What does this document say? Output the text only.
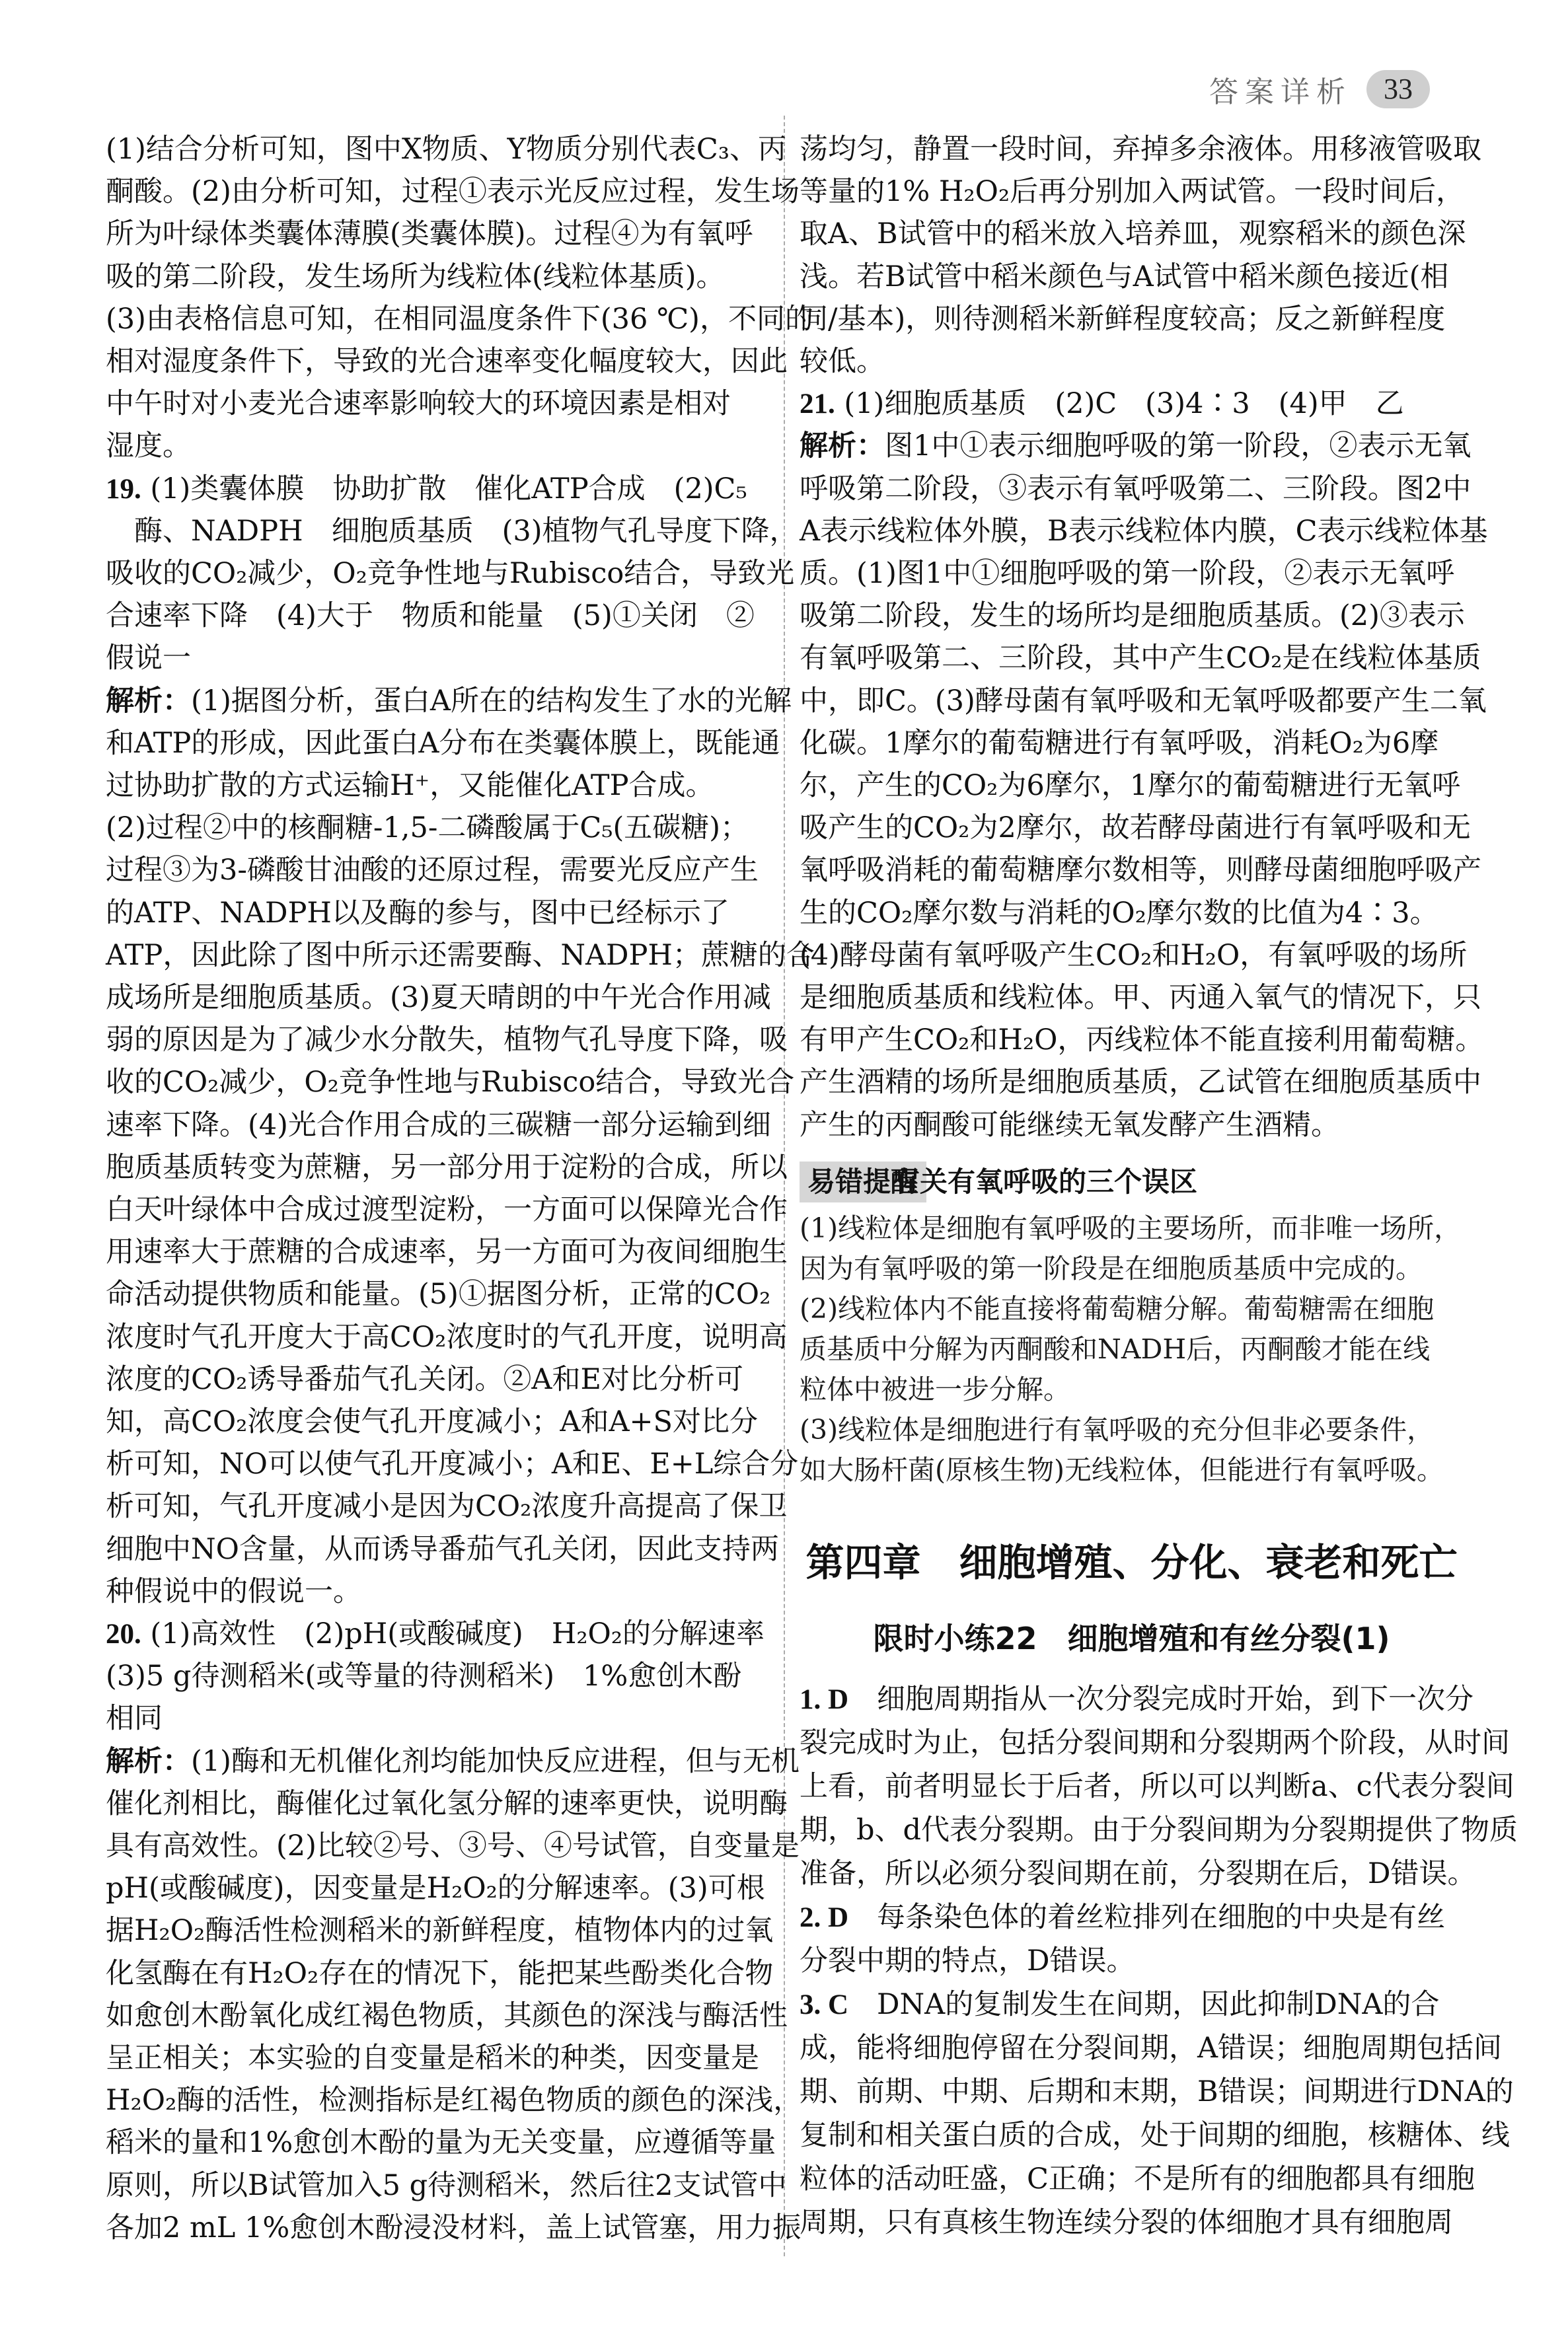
答案详析	33
(1)结合分析可知，图中X物质、Y物质分别代表C₃、丙
酮酸。(2)由分析可知，过程①表示光反应过程，发生场
所为叶绿体类囊体薄膜(类囊体膜)。过程④为有氧呼
吸的第二阶段，发生场所为线粒体(线粒体基质)。
(3)由表格信息可知，在相同温度条件下(36 ℃)，不同的
相对湿度条件下，导致的光合速率变化幅度较大，因此
中午时对小麦光合速率影响较大的环境因素是相对
湿度。
19. (1)类囊体膜　协助扩散　催化ATP合成　(2)C₅
　酶、NADPH　细胞质基质　(3)植物气孔导度下降，
吸收的CO₂减少，O₂竞争性地与Rubisco结合，导致光
合速率下降　(4)大于　物质和能量　(5)①关闭　②
假说一
解析：(1)据图分析，蛋白A所在的结构发生了水的光解
和ATP的形成，因此蛋白A分布在类囊体膜上，既能通
过协助扩散的方式运输H⁺，又能催化ATP合成。
(2)过程②中的核酮糖-1,5-二磷酸属于C₅(五碳糖)；
过程③为3-磷酸甘油酸的还原过程，需要光反应产生
的ATP、NADPH以及酶的参与，图中已经标示了
ATP，因此除了图中所示还需要酶、NADPH；蔗糖的合
成场所是细胞质基质。(3)夏天晴朗的中午光合作用减
弱的原因是为了减少水分散失，植物气孔导度下降，吸
收的CO₂减少，O₂竞争性地与Rubisco结合，导致光合
速率下降。(4)光合作用合成的三碳糖一部分运输到细
胞质基质转变为蔗糖，另一部分用于淀粉的合成，所以
白天叶绿体中合成过渡型淀粉，一方面可以保障光合作
用速率大于蔗糖的合成速率，另一方面可为夜间细胞生
命活动提供物质和能量。(5)①据图分析，正常的CO₂
浓度时气孔开度大于高CO₂浓度时的气孔开度，说明高
浓度的CO₂诱导番茄气孔关闭。②A和E对比分析可
知，高CO₂浓度会使气孔开度减小；A和A+S对比分
析可知，NO可以使气孔开度减小；A和E、E+L综合分
析可知，气孔开度减小是因为CO₂浓度升高提高了保卫
细胞中NO含量，从而诱导番茄气孔关闭，因此支持两
种假说中的假说一。
20. (1)高效性　(2)pH(或酸碱度)　H₂O₂的分解速率
(3)5 g待测稻米(或等量的待测稻米)　1%愈创木酚
相同
解析：(1)酶和无机催化剂均能加快反应进程，但与无机
催化剂相比，酶催化过氧化氢分解的速率更快，说明酶
具有高效性。(2)比较②号、③号、④号试管，自变量是
pH(或酸碱度)，因变量是H₂O₂的分解速率。(3)可根
据H₂O₂酶活性检测稻米的新鲜程度，植物体内的过氧
化氢酶在有H₂O₂存在的情况下，能把某些酚类化合物
如愈创木酚氧化成红褐色物质，其颜色的深浅与酶活性
呈正相关；本实验的自变量是稻米的种类，因变量是
H₂O₂酶的活性，检测指标是红褐色物质的颜色的深浅，
稻米的量和1%愈创木酚的量为无关变量，应遵循等量
原则，所以B试管加入5 g待测稻米，然后往2支试管中
各加2 mL 1%愈创木酚浸没材料，盖上试管塞，用力振
荡均匀，静置一段时间，弃掉多余液体。用移液管吸取
等量的1% H₂O₂后再分别加入两试管。一段时间后，
取A、B试管中的稻米放入培养皿，观察稻米的颜色深
浅。若B试管中稻米颜色与A试管中稻米颜色接近(相
同/基本)，则待测稻米新鲜程度较高；反之新鲜程度
较低。
21. (1)细胞质基质　(2)C　(3)4∶3　(4)甲　乙
解析：图1中①表示细胞呼吸的第一阶段，②表示无氧
呼吸第二阶段，③表示有氧呼吸第二、三阶段。图2中
A表示线粒体外膜，B表示线粒体内膜，C表示线粒体基
质。(1)图1中①细胞呼吸的第一阶段，②表示无氧呼
吸第二阶段，发生的场所均是细胞质基质。(2)③表示
有氧呼吸第二、三阶段，其中产生CO₂是在线粒体基质
中，即C。(3)酵母菌有氧呼吸和无氧呼吸都要产生二氧
化碳。1摩尔的葡萄糖进行有氧呼吸，消耗O₂为6摩
尔，产生的CO₂为6摩尔，1摩尔的葡萄糖进行无氧呼
吸产生的CO₂为2摩尔，故若酵母菌进行有氧呼吸和无
氧呼吸消耗的葡萄糖摩尔数相等，则酵母菌细胞呼吸产
生的CO₂摩尔数与消耗的O₂摩尔数的比值为4∶3。
(4)酵母菌有氧呼吸产生CO₂和H₂O，有氧呼吸的场所
是细胞质基质和线粒体。甲、丙通入氧气的情况下，只
有甲产生CO₂和H₂O，丙线粒体不能直接利用葡萄糖。
产生酒精的场所是细胞质基质，乙试管在细胞质基质中
产生的丙酮酸可能继续无氧发酵产生酒精。
易错提醒
有关有氧呼吸的三个误区
(1)线粒体是细胞有氧呼吸的主要场所，而非唯一场所，
因为有氧呼吸的第一阶段是在细胞质基质中完成的。
(2)线粒体内不能直接将葡萄糖分解。葡萄糖需在细胞
质基质中分解为丙酮酸和NADH后，丙酮酸才能在线
粒体中被进一步分解。
(3)线粒体是细胞进行有氧呼吸的充分但非必要条件，
如大肠杆菌(原核生物)无线粒体，但能进行有氧呼吸。
第四章　细胞增殖、分化、衰老和死亡
限时小练22　细胞增殖和有丝分裂(1)
1. D　细胞周期指从一次分裂完成时开始，到下一次分
裂完成时为止，包括分裂间期和分裂期两个阶段，从时间
上看，前者明显长于后者，所以可以判断a、c代表分裂间
期，b、d代表分裂期。由于分裂间期为分裂期提供了物质
准备，所以必须分裂间期在前，分裂期在后，D错误。
2. D　每条染色体的着丝粒排列在细胞的中央是有丝
分裂中期的特点，D错误。
3. C　DNA的复制发生在间期，因此抑制DNA的合
成，能将细胞停留在分裂间期，A错误；细胞周期包括间
期、前期、中期、后期和末期，B错误；间期进行DNA的
复制和相关蛋白质的合成，处于间期的细胞，核糖体、线
粒体的活动旺盛，C正确；不是所有的细胞都具有细胞
周期，只有真核生物连续分裂的体细胞才具有细胞周
